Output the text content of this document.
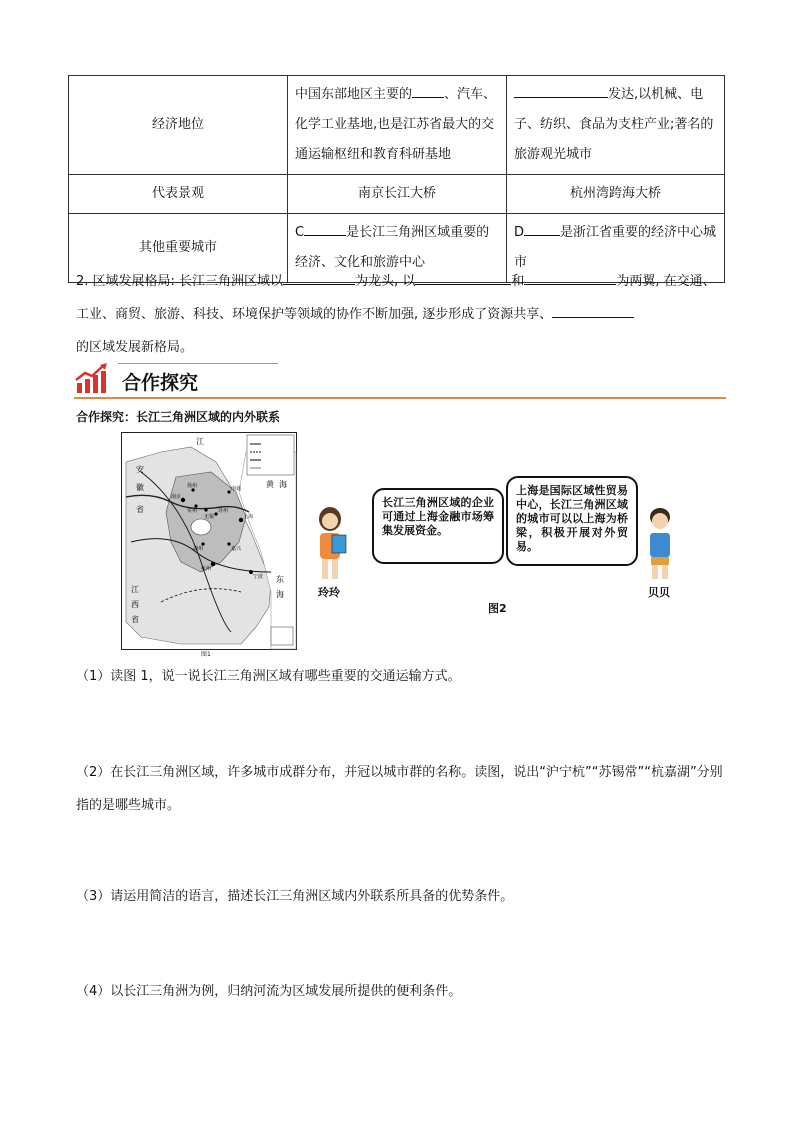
经济地位	中国东部地区主要的 、汽车、化学工业基地,也是江苏省最大的交通运输枢纽和教育科研基地	发达,以机械、电子、纺织、食品为支柱产业;著名的旅游观光城市
代表景观	南京长江大桥	杭州湾跨海大桥
其他重要城市	C 是长江三角洲区域重要的经济、文化和旅游中心	D 是浙江省重要的经济中心城市
2. 区域发展格局: 长江三角洲区域以	为龙头, 以	和	为两翼, 在交通、工业、商贸、旅游、科技、环境保护等领域的协作不断加强, 逐步形成了资源共享、
的区域发展新格局。
合作探究
合作探究：长江三角洲区域的内外联系
江
安
徽
省
江
西
省
黄 海
东
海
南京
上海
杭州
宁波
苏州
无锡
常州
嘉兴
湖州
扬州	南通
图1
玲玲
长江三角洲区域的企业可通过上海金融市场筹集发展资金。
上海是国际区域性贸易中心，长江三角洲区域的城市可以以上海为桥梁，积极开展对外贸易。
贝贝
图2
（1）读图 1，说一说长江三角洲区域有哪些重要的交通运输方式。
（2）在长江三角洲区域，许多城市成群分布，并冠以城市群的名称。读图，说出“沪宁杭”“苏锡常”“杭嘉湖”分别指的是哪些城市。
（3）请运用简洁的语言，描述长江三角洲区域内外联系所具备的优势条件。
（4）以长江三角洲为例，归纳河流为区域发展所提供的便利条件。
